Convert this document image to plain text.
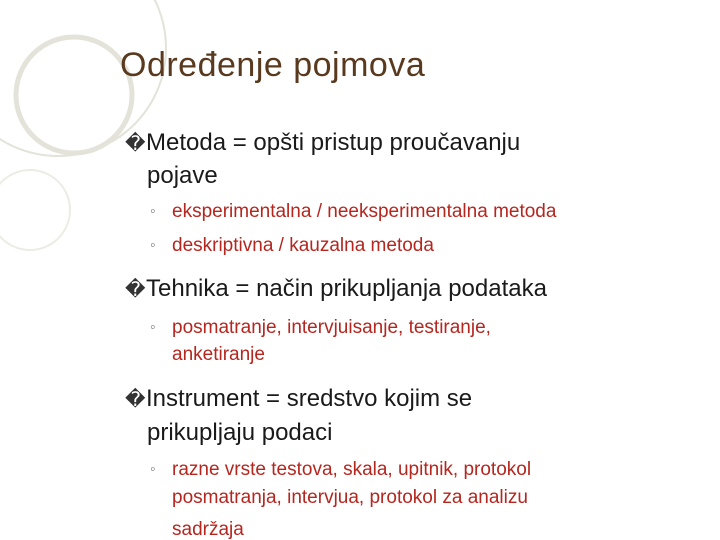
Određenje pojmova

�Metoda = opšti pristup proučavanju

pojave

◦ eksperimentalna / neeksperimentalna metoda

◦ deskriptivna / kauzalna metoda

�Tehnika = način prikupljanja podataka

◦ posmatranje, intervjuisanje, testiranje,

anketiranje

�Instrument = sredstvo kojim se

prikupljaju podaci

◦ razne vrste testova, skala, upitnik, protokol

posmatranja, intervjua, protokol za analizu

sadržaja
